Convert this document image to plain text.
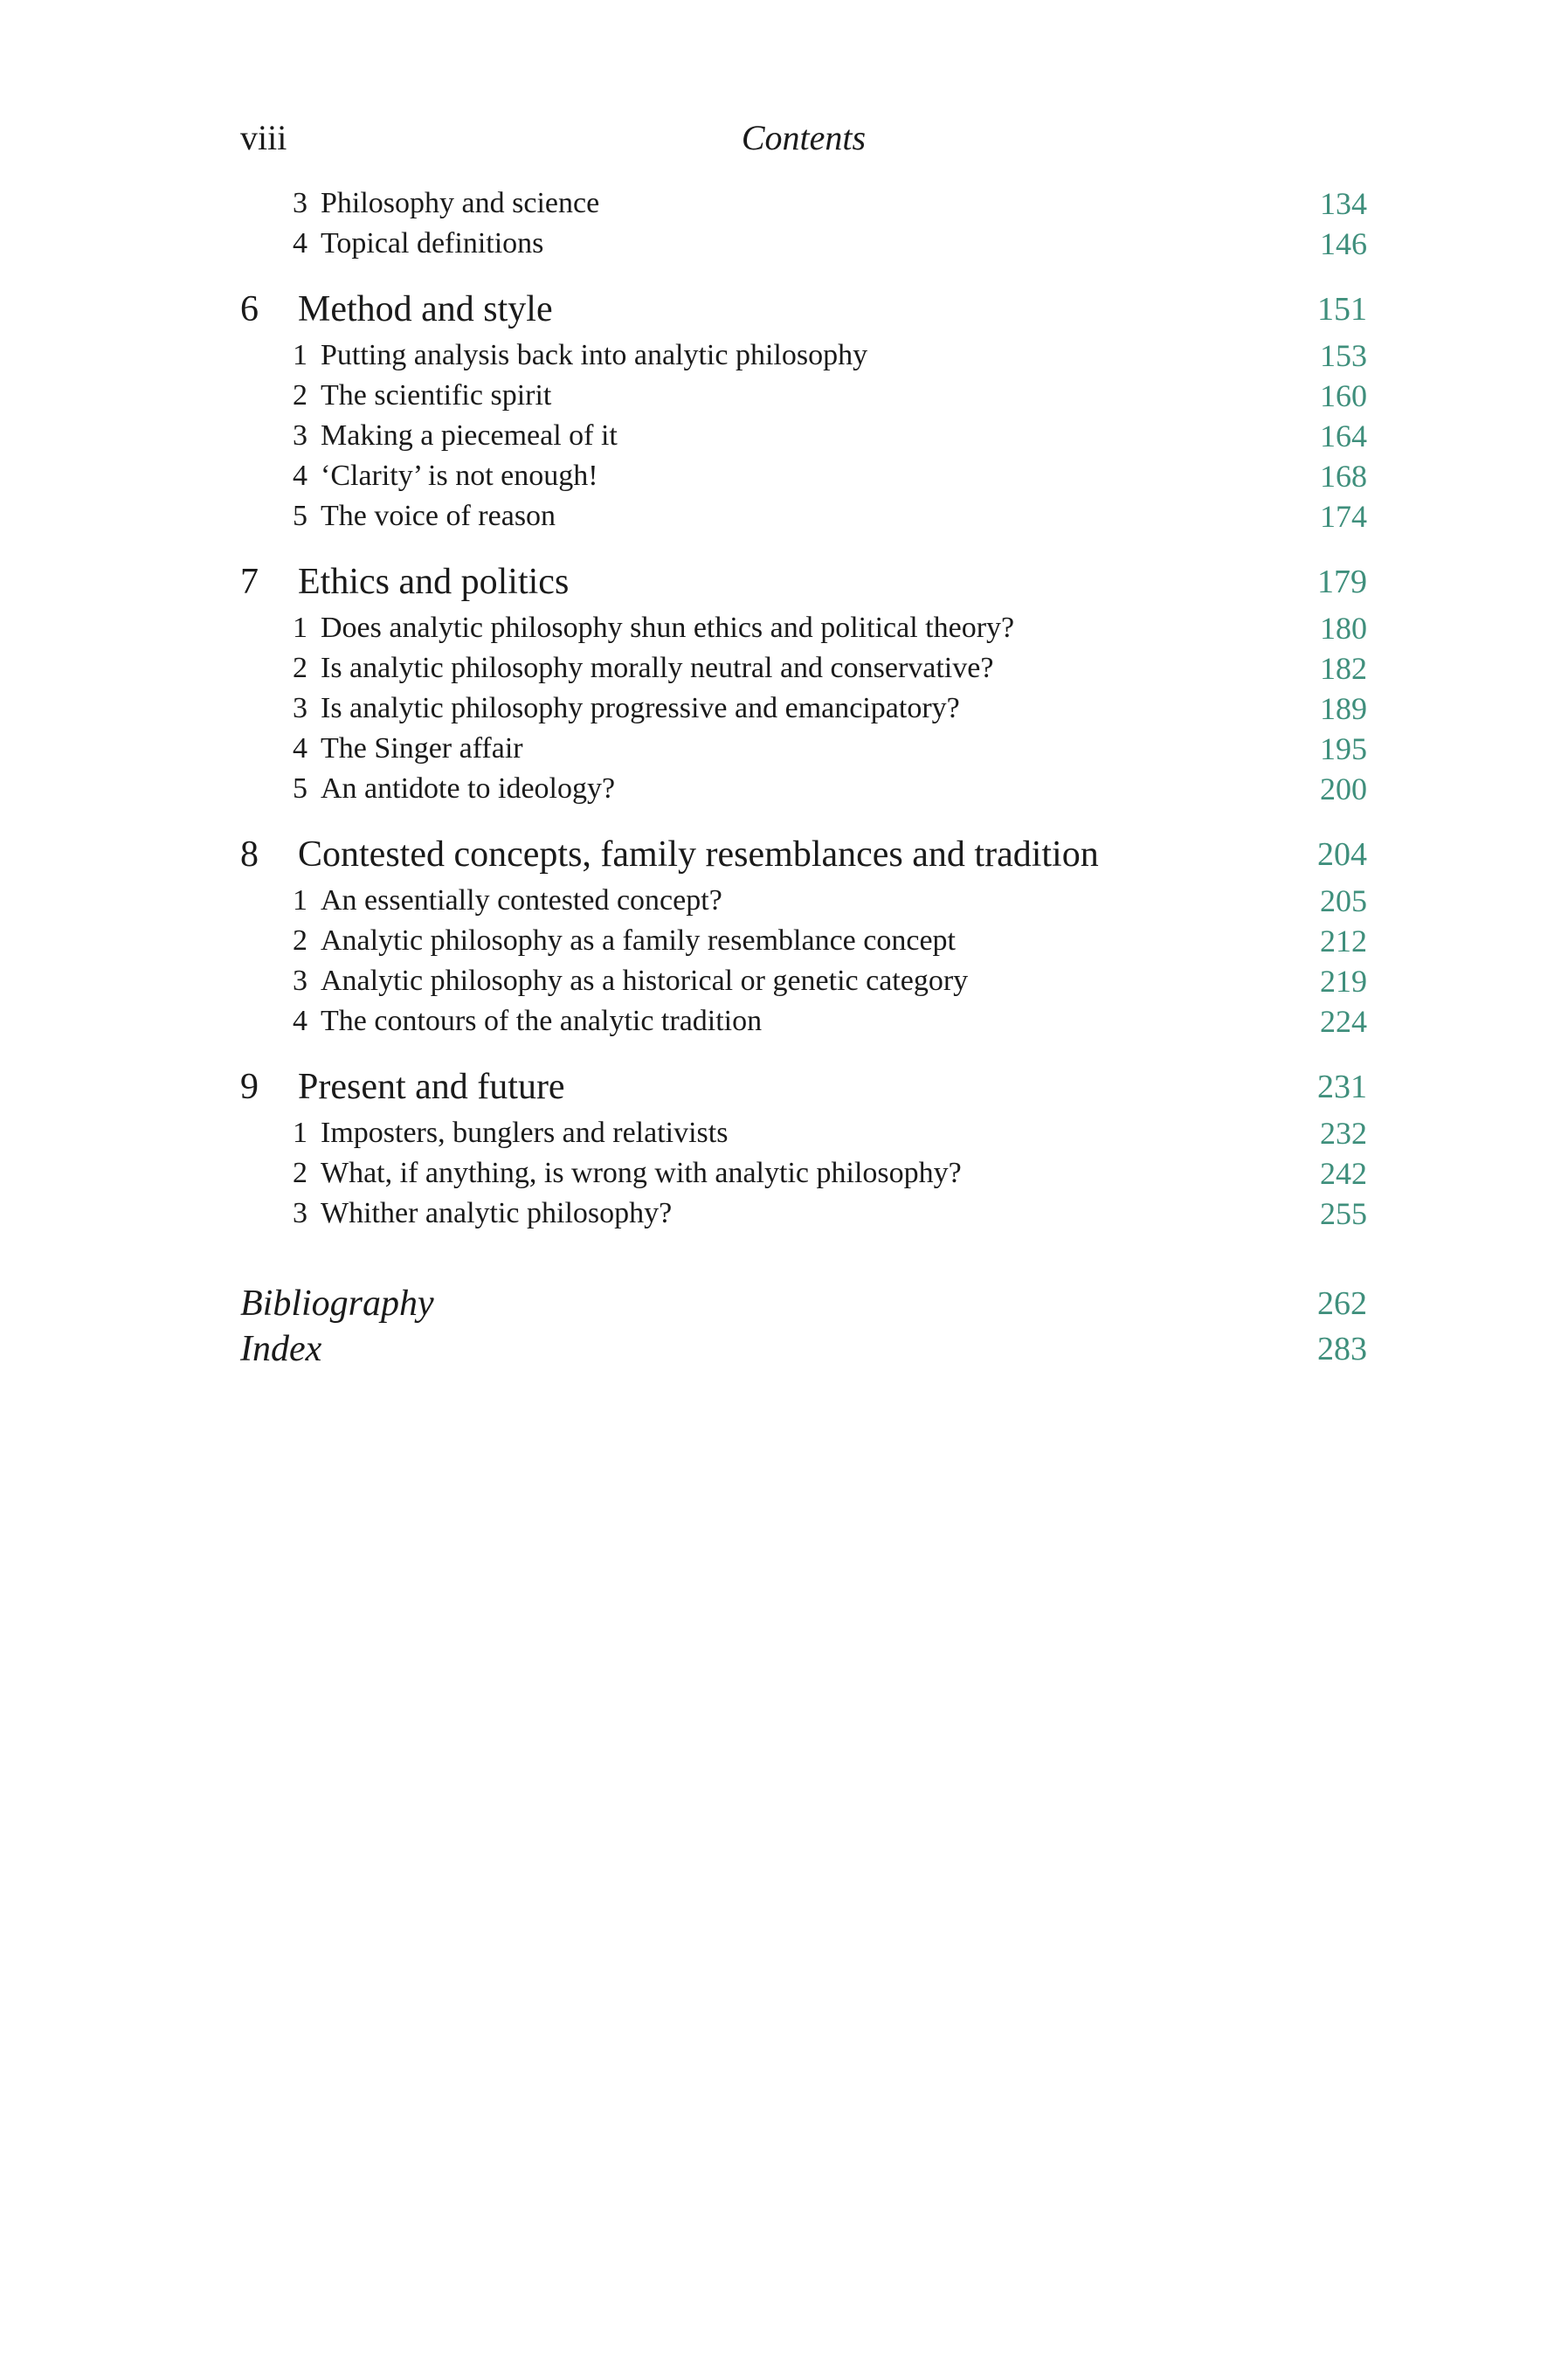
viii	Contents
3 Philosophy and science	134
4 Topical definitions	146
6 Method and style	151
1 Putting analysis back into analytic philosophy	153
2 The scientific spirit	160
3 Making a piecemeal of it	164
4 ‘Clarity’ is not enough!	168
5 The voice of reason	174
7 Ethics and politics	179
1 Does analytic philosophy shun ethics and political theory?	180
2 Is analytic philosophy morally neutral and conservative?	182
3 Is analytic philosophy progressive and emancipatory?	189
4 The Singer affair	195
5 An antidote to ideology?	200
8 Contested concepts, family resemblances and tradition	204
1 An essentially contested concept?	205
2 Analytic philosophy as a family resemblance concept	212
3 Analytic philosophy as a historical or genetic category	219
4 The contours of the analytic tradition	224
9 Present and future	231
1 Imposters, bunglers and relativists	232
2 What, if anything, is wrong with analytic philosophy?	242
3 Whither analytic philosophy?	255
Bibliography	262
Index	283
